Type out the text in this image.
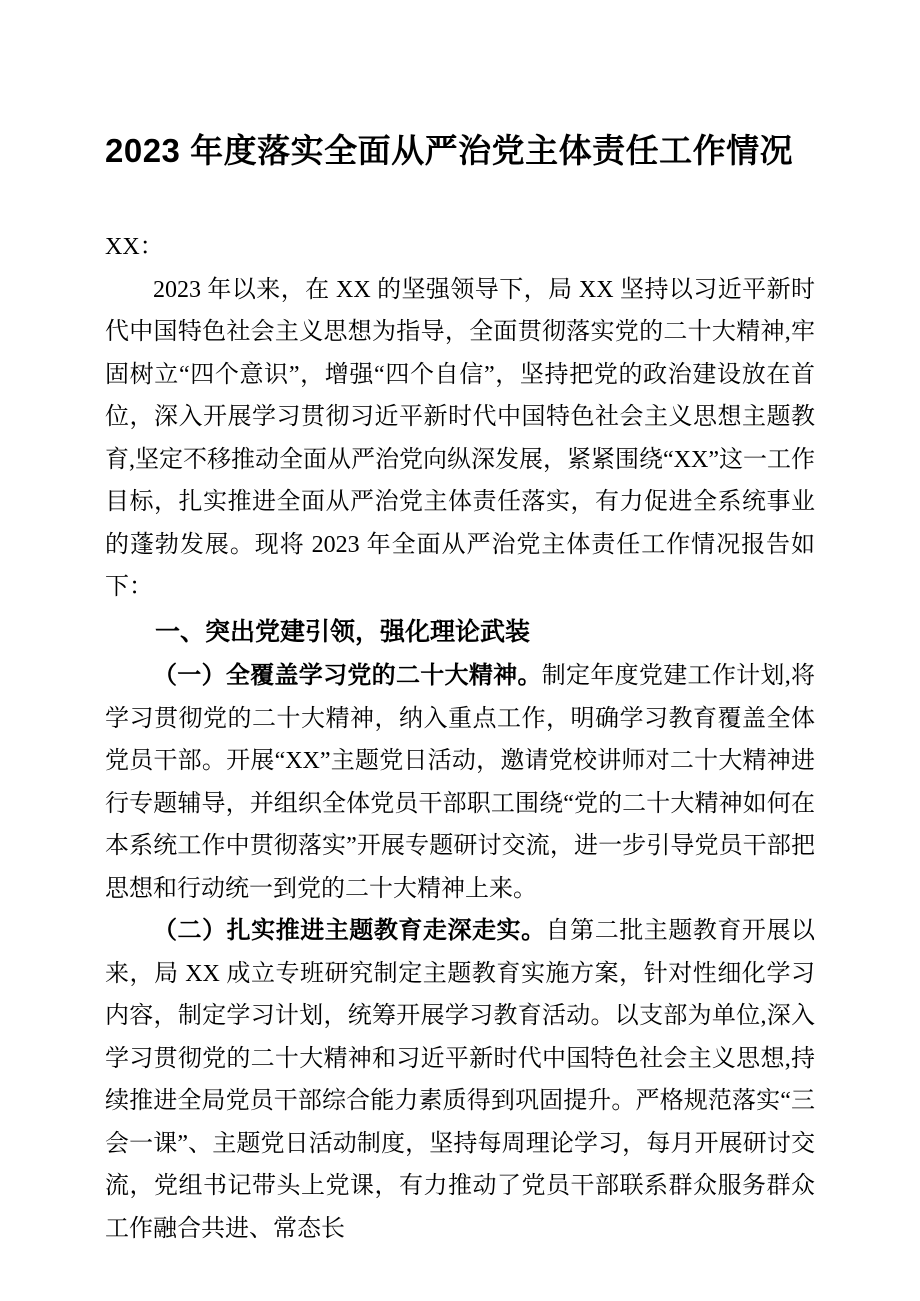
2023 年度落实全面从严治党主体责任工作情况

XX：

2023 年以来，在 XX 的坚强领导下，局 XX 坚持以习近平新时代中国特色社会主义思想为指导，全面贯彻落实党的二十大精神,牢固树立“四个意识”，增强“四个自信”，坚持把党的政治建设放在首位，深入开展学习贯彻习近平新时代中国特色社会主义思想主题教育,坚定不移推动全面从严治党向纵深发展，紧紧围绕“XX”这一工作目标，扎实推进全面从严治党主体责任落实，有力促进全系统事业的蓬勃发展。现将 2023 年全面从严治党主体责任工作情况报告如下：

一、突出党建引领，强化理论武装

（一）全覆盖学习党的二十大精神。制定年度党建工作计划,将学习贯彻党的二十大精神，纳入重点工作，明确学习教育覆盖全体党员干部。开展“XX”主题党日活动，邀请党校讲师对二十大精神进行专题辅导，并组织全体党员干部职工围绕“党的二十大精神如何在本系统工作中贯彻落实”开展专题研讨交流，进一步引导党员干部把思想和行动统一到党的二十大精神上来。

（二）扎实推进主题教育走深走实。自第二批主题教育开展以来，局 XX 成立专班研究制定主题教育实施方案，针对性细化学习内容，制定学习计划，统筹开展学习教育活动。以支部为单位,深入学习贯彻党的二十大精神和习近平新时代中国特色社会主义思想,持续推进全局党员干部综合能力素质得到巩固提升。严格规范落实“三会一课”、主题党日活动制度，坚持每周理论学习，每月开展研讨交流，党组书记带头上党课，有力推动了党员干部联系群众服务群众工作融合共进、常态长
